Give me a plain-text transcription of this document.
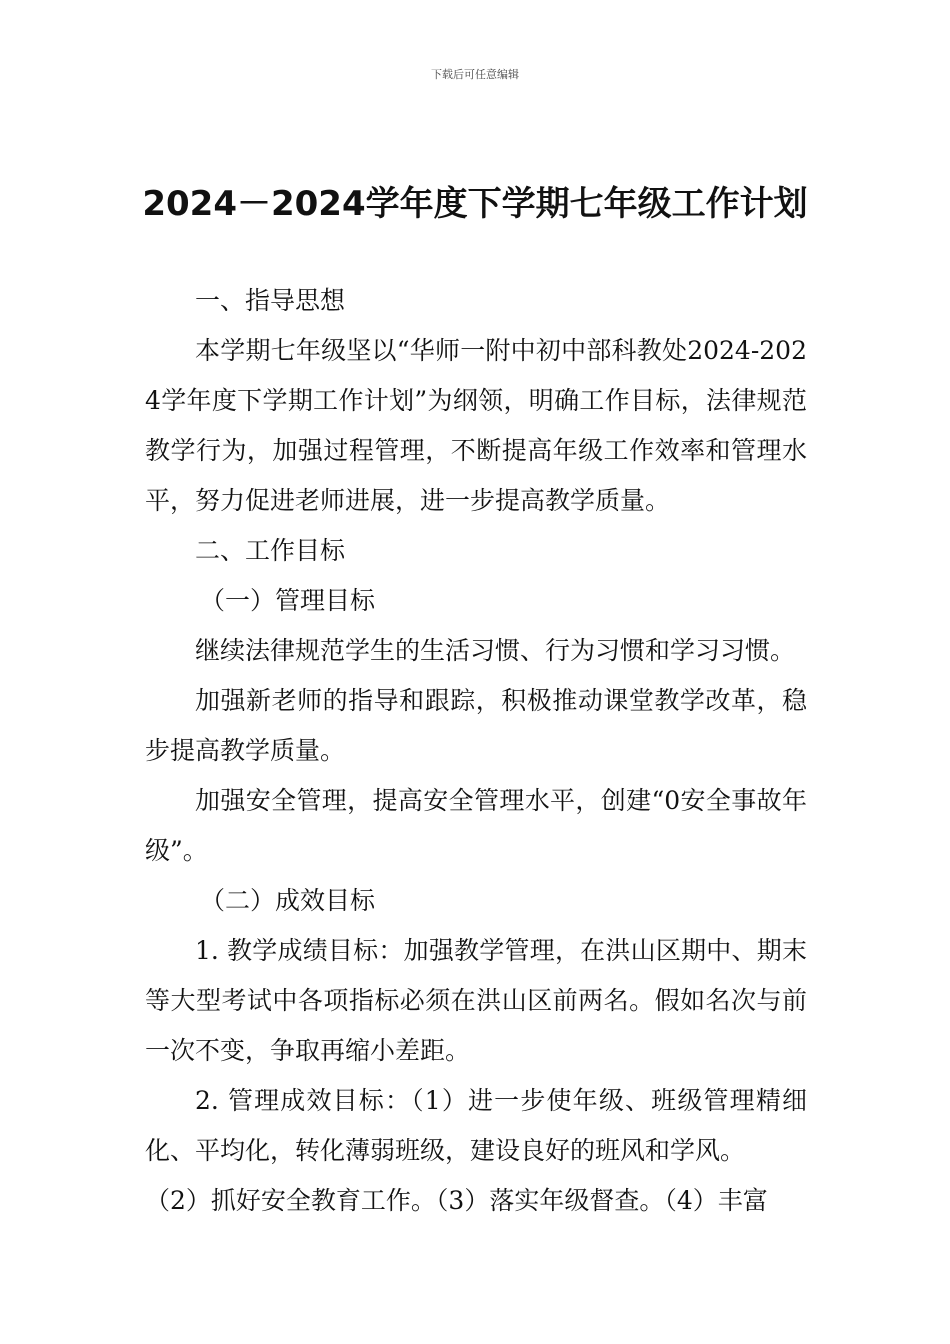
下载后可任意编辑
2024－2024学年度下学期七年级工作计划

一、指导思想

本学期七年级坚以“华师一附中初中部科教处2024-2024学年度下学期工作计划”为纲领，明确工作目标，法律规范教学行为，加强过程管理，不断提高年级工作效率和管理水平，努力促进老师进展，进一步提高教学质量。

二、工作目标

（一）管理目标

继续法律规范学生的生活习惯、行为习惯和学习习惯。

加强新老师的指导和跟踪，积极推动课堂教学改革，稳步提高教学质量。

加强安全管理，提高安全管理水平，创建“0安全事故年级”。

（二）成效目标

1. 教学成绩目标：加强教学管理，在洪山区期中、期末等大型考试中各项指标必须在洪山区前两名。假如名次与前一次不变，争取再缩小差距。

2. 管理成效目标：（1）进一步使年级、班级管理精细化、平均化，转化薄弱班级，建设良好的班风和学风。

（2）抓好安全教育工作。（3）落实年级督查。（4）丰富
